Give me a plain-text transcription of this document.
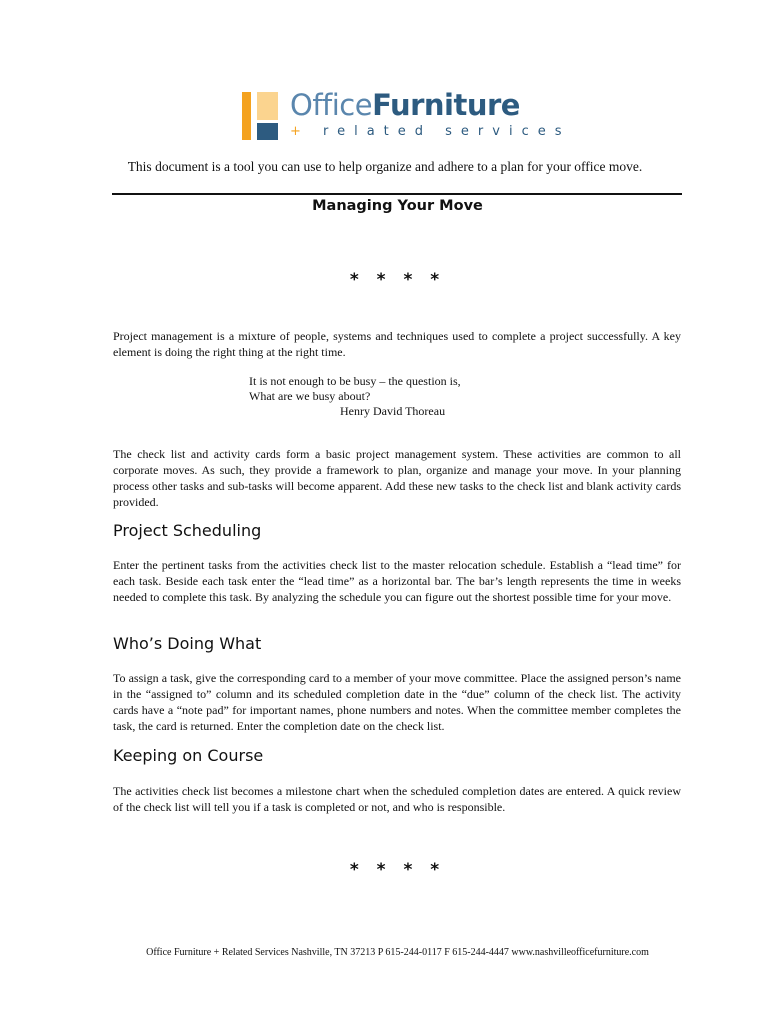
OfficeFurniture
+ related services
This document is a tool you can use to help organize and adhere to a plan for your office move.
Managing Your Move
* * * *
Project management is a mixture of people, systems and techniques used to complete a project successfully. A key element is doing the right thing at the right time.
It is not enough to be busy – the question is,
What are we busy about?
Henry David Thoreau
The check list and activity cards form a basic project management system. These activities are common to all corporate moves. As such, they provide a framework to plan, organize and manage your move. In your planning process other tasks and sub-tasks will become apparent. Add these new tasks to the check list and blank activity cards provided.
Project Scheduling
Enter the pertinent tasks from the activities check list to the master relocation schedule. Establish a “lead time” for each task. Beside each task enter the “lead time” as a horizontal bar. The bar’s length represents the time in weeks needed to complete this task. By analyzing the schedule you can figure out the shortest possible time for your move.
Who’s Doing What
To assign a task, give the corresponding card to a member of your move committee. Place the assigned person’s name in the “assigned to” column and its scheduled completion date in the “due” column of the check list. The activity cards have a “note pad” for important names, phone numbers and notes. When the committee member completes the task, the card is returned. Enter the completion date on the check list.
Keeping on Course
The activities check list becomes a milestone chart when the scheduled completion dates are entered. A quick review of the check list will tell you if a task is completed or not, and who is responsible.
* * * *
Office Furniture + Related Services Nashville, TN 37213 P 615-244-0117 F 615-244-4447 www.nashvilleofficefurniture.com
